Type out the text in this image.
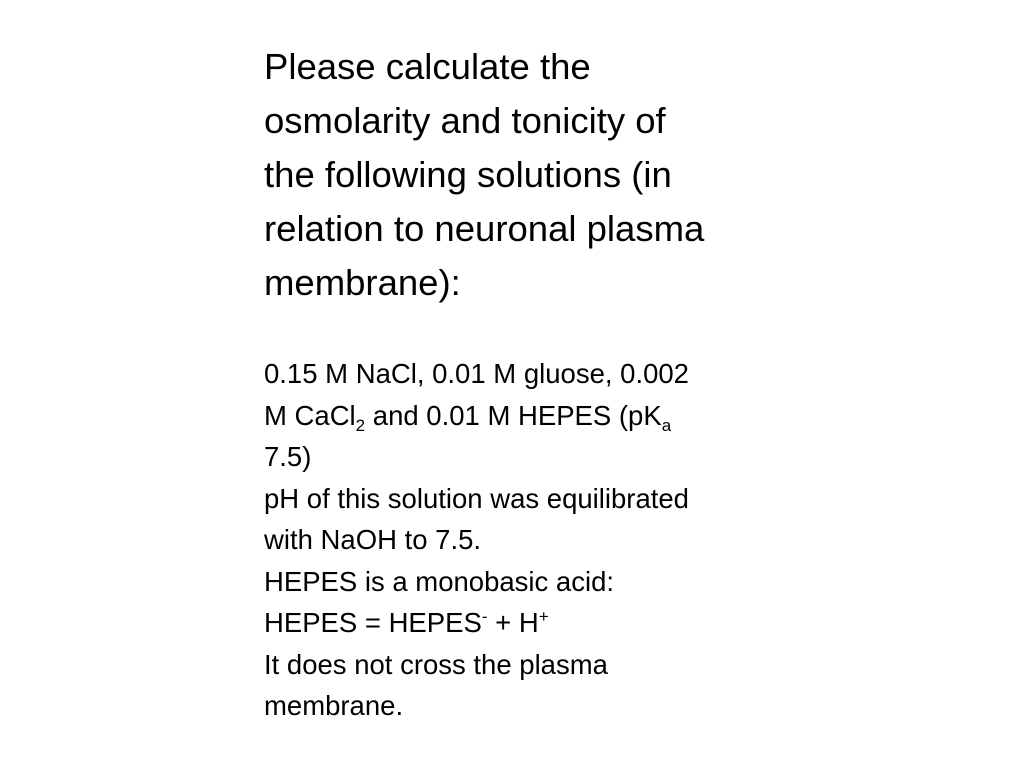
Please calculate the
osmolarity and tonicity of
the following solutions (in
relation to neuronal plasma
membrane):
0.15 M NaCl, 0.01 M gluose, 0.002
M CaCl$_2$ and 0.01 M HEPES ($pK_a$
7.5)
pH of this solution was equilibrated
with NaOH to 7.5.
HEPES is a monobasic acid:
HEPES = HEPES- + H+
It does not cross the plasma
membrane.
